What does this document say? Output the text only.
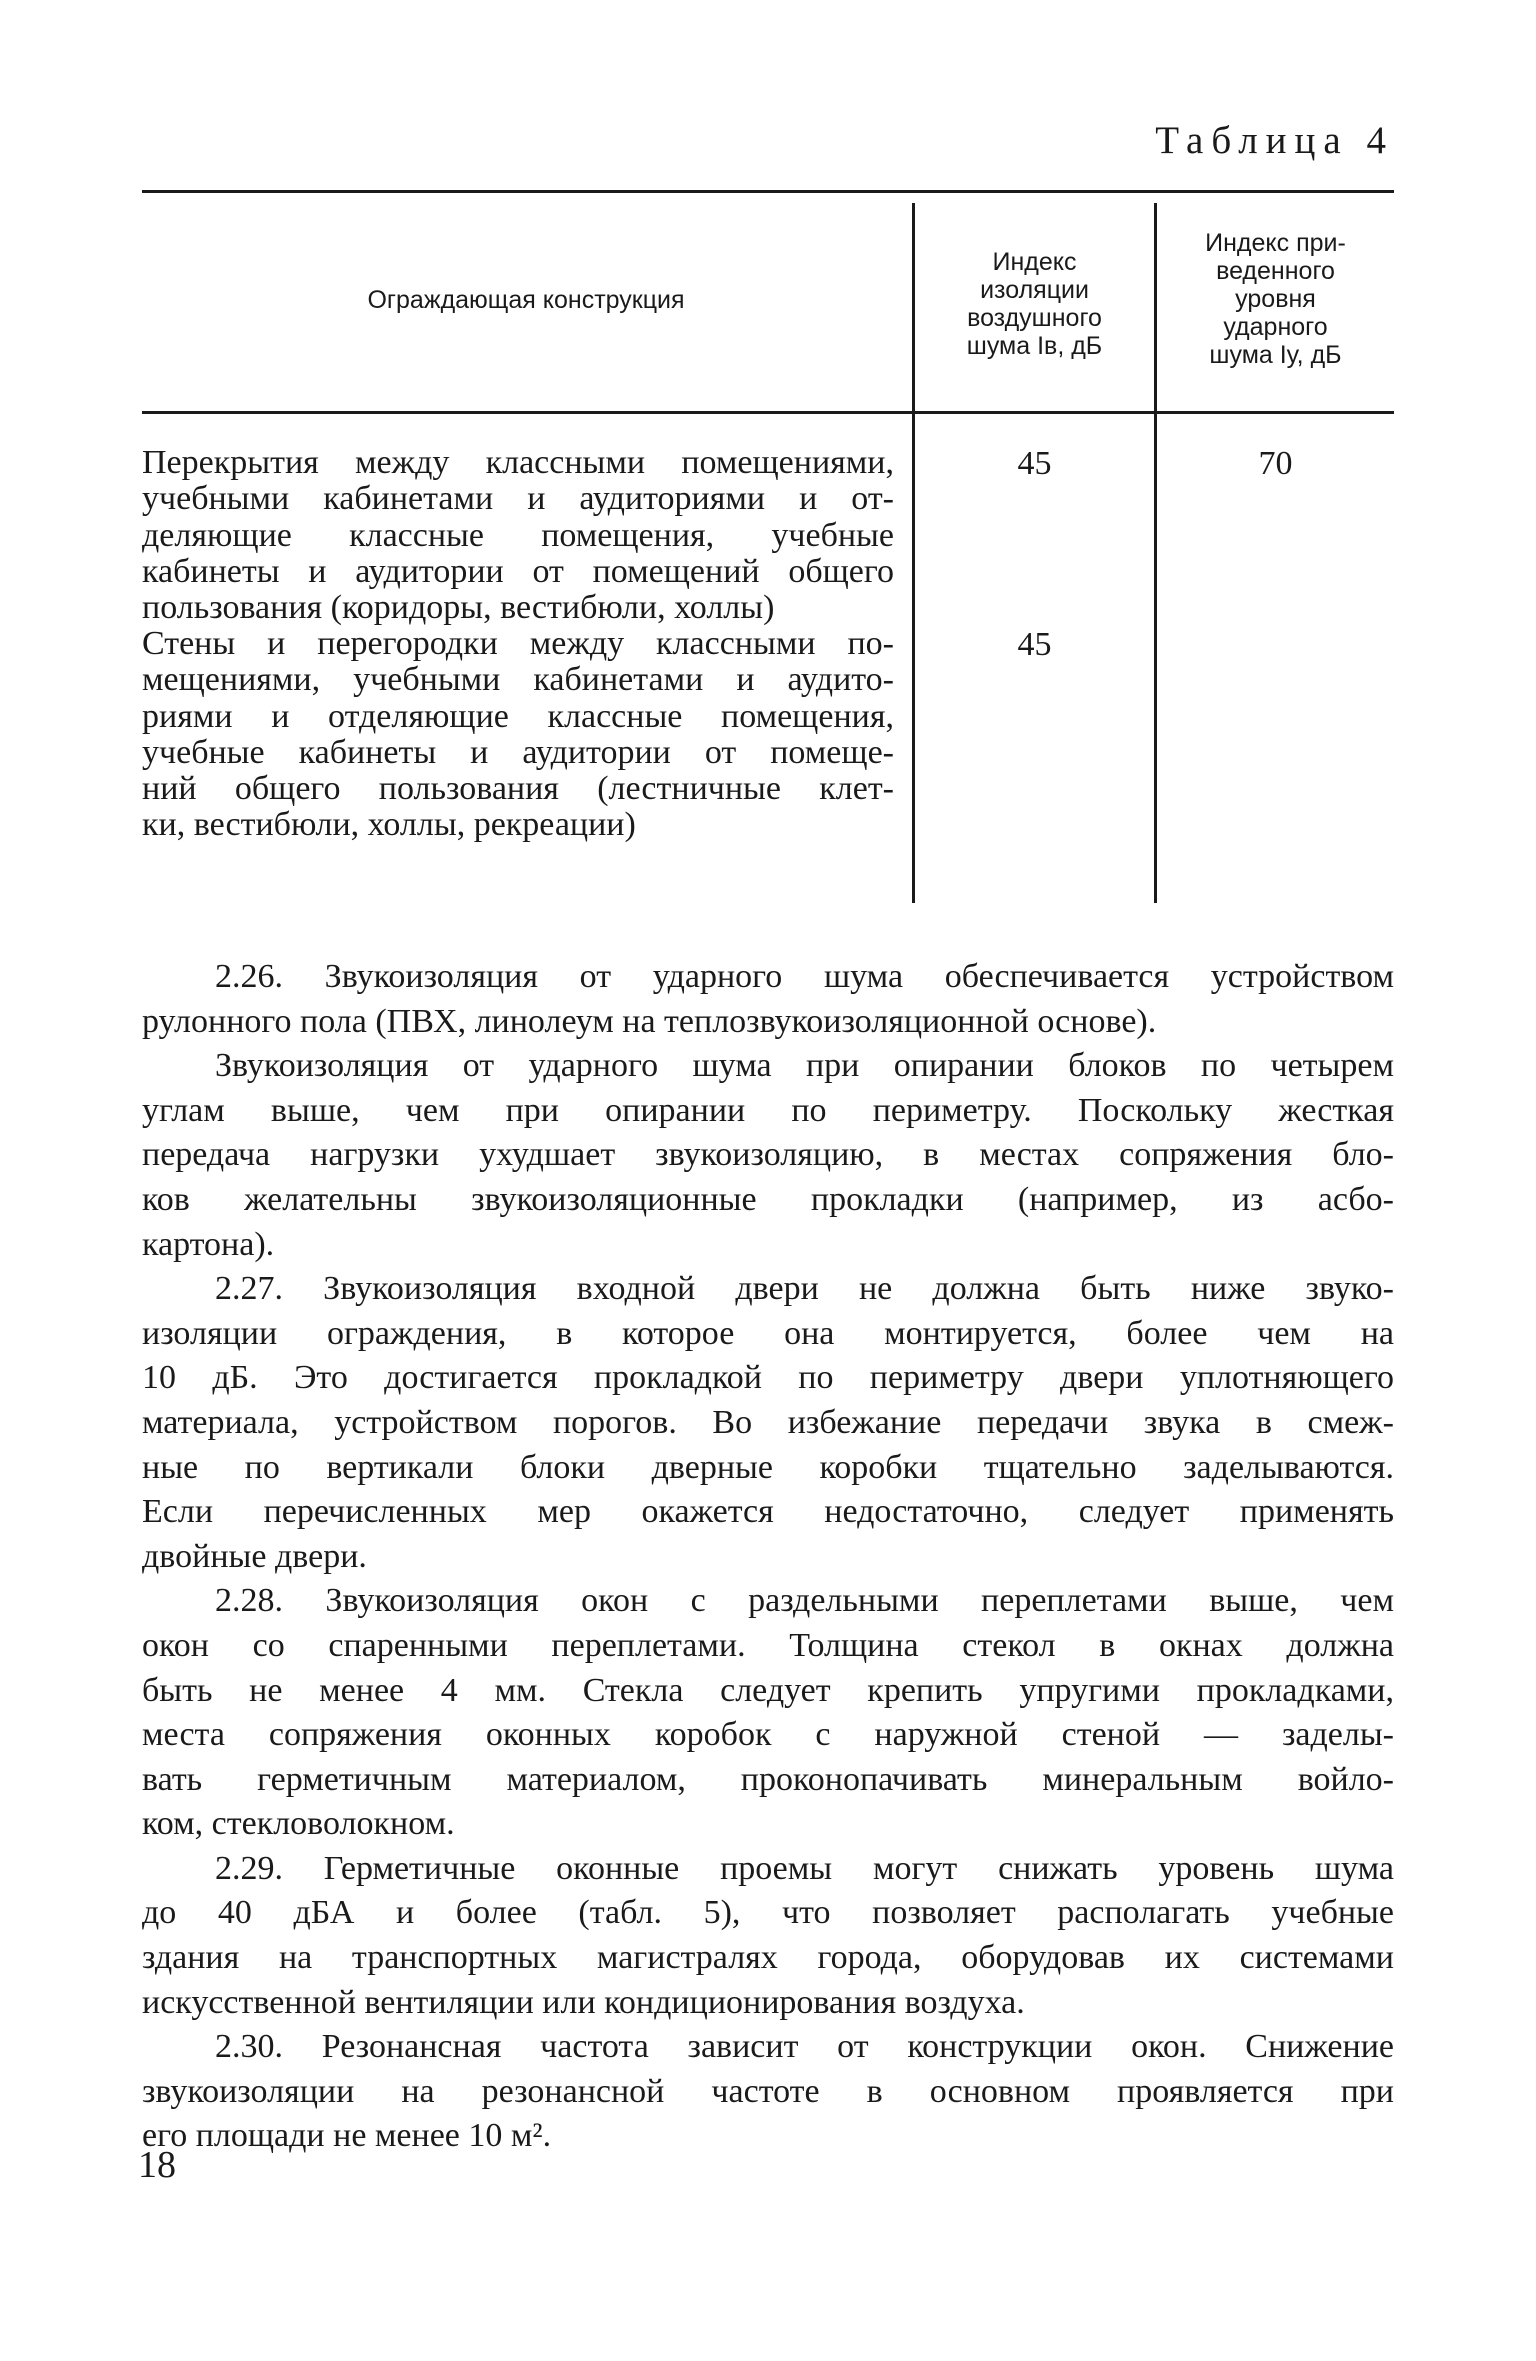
Таблица 4
Ограждающая конструкция
Индекс
изоляции
воздушного
шума Iв, дБ
Индекс при-
веденного
уровня
ударного
шума Iу, дБ
Перекрытия между классными помещениями,
учебными кабинетами и аудиториями и от-
деляющие классные помещения, учебные
кабинеты и аудитории от помещений общего
пользования (коридоры, вестибюли, холлы)
45	70
Стены и перегородки между классными по-
мещениями, учебными кабинетами и аудито-
риями и отделяющие классные помещения,
учебные кабинеты и аудитории от помеще-
ний общего пользования (лестничные клет-
ки, вестибюли, холлы, рекреации)
45
2.26. Звукоизоляция от ударного шума обеспечивается устройством
рулонного пола (ПВХ, линолеум на теплозвукоизоляционной основе).
Звукоизоляция от ударного шума при опирании блоков по четырем
углам выше, чем при опирании по периметру. Поскольку жесткая
передача нагрузки ухудшает звукоизоляцию, в местах сопряжения бло-
ков желательны звукоизоляционные прокладки (например, из асбо-
картона).
2.27. Звукоизоляция входной двери не должна быть ниже звуко-
изоляции ограждения, в которое она монтируется, более чем на
10 дБ. Это достигается прокладкой по периметру двери уплотняющего
материала, устройством порогов. Во избежание передачи звука в смеж-
ные по вертикали блоки дверные коробки тщательно заделываются.
Если перечисленных мер окажется недостаточно, следует применять
двойные двери.
2.28. Звукоизоляция окон с раздельными переплетами выше, чем
окон со спаренными переплетами. Толщина стекол в окнах должна
быть не менее 4 мм. Стекла следует крепить упругими прокладками,
места сопряжения оконных коробок с наружной стеной — заделы-
вать герметичным материалом, проконопачивать минеральным войло-
ком, стекловолокном.
2.29. Герметичные оконные проемы могут снижать уровень шума
до 40 дБА и более (табл. 5), что позволяет располагать учебные
здания на транспортных магистралях города, оборудовав их системами
искусственной вентиляции или кондиционирования воздуха.
2.30. Резонансная частота зависит от конструкции окон. Снижение
звукоизоляции на резонансной частоте в основном проявляется при
его площади не менее 10 м².
18
